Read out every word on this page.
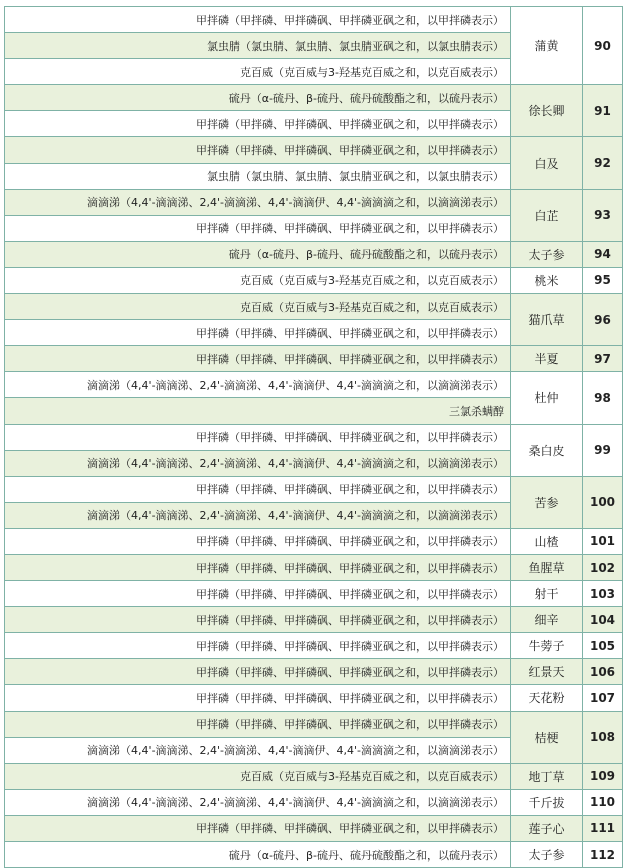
甲拌磷（甲拌磷、甲拌磷砜、甲拌磷亚砜之和，以甲拌磷表示）	蒲黄	90
氯虫腈（氯虫腈、氯虫腈、氯虫腈亚砜之和，以氯虫腈表示）		
克百威（克百威与3-羟基克百威之和，以克百威表示）		
硫丹（α-硫丹、β-硫丹、硫丹硫酸酯之和，以硫丹表示）	徐长卿	91
甲拌磷（甲拌磷、甲拌磷砜、甲拌磷亚砜之和，以甲拌磷表示）		
甲拌磷（甲拌磷、甲拌磷砜、甲拌磷亚砜之和，以甲拌磷表示）	白及	92
氯虫腈（氯虫腈、氯虫腈、氯虫腈亚砜之和，以氯虫腈表示）		
滴滴涕（4,4'-滴滴涕、2,4'-滴滴涕、4,4'-滴滴伊、4,4'-滴滴滴之和，以滴滴涕表示）	白芷	93
甲拌磷（甲拌磷、甲拌磷砜、甲拌磷亚砜之和，以甲拌磷表示）		
硫丹（α-硫丹、β-硫丹、硫丹硫酸酯之和，以硫丹表示）	太子参	94
克百威（克百威与3-羟基克百威之和，以克百威表示）	桃米	95
克百威（克百威与3-羟基克百威之和，以克百威表示）	猫爪草	96
甲拌磷（甲拌磷、甲拌磷砜、甲拌磷亚砜之和，以甲拌磷表示）		
甲拌磷（甲拌磷、甲拌磷砜、甲拌磷亚砜之和，以甲拌磷表示）	半夏	97
滴滴涕（4,4'-滴滴涕、2,4'-滴滴涕、4,4'-滴滴伊、4,4'-滴滴滴之和，以滴滴涕表示）	杜仲	98
三氯杀螨醇		
甲拌磷（甲拌磷、甲拌磷砜、甲拌磷亚砜之和，以甲拌磷表示）	桑白皮	99
滴滴涕（4,4'-滴滴涕、2,4'-滴滴涕、4,4'-滴滴伊、4,4'-滴滴滴之和，以滴滴涕表示）		
甲拌磷（甲拌磷、甲拌磷砜、甲拌磷亚砜之和，以甲拌磷表示）	苦参	100
滴滴涕（4,4'-滴滴涕、2,4'-滴滴涕、4,4'-滴滴伊、4,4'-滴滴滴之和，以滴滴涕表示）		
甲拌磷（甲拌磷、甲拌磷砜、甲拌磷亚砜之和，以甲拌磷表示）	山楂	101
甲拌磷（甲拌磷、甲拌磷砜、甲拌磷亚砜之和，以甲拌磷表示）	鱼腥草	102
甲拌磷（甲拌磷、甲拌磷砜、甲拌磷亚砜之和，以甲拌磷表示）	射干	103
甲拌磷（甲拌磷、甲拌磷砜、甲拌磷亚砜之和，以甲拌磷表示）	细辛	104
甲拌磷（甲拌磷、甲拌磷砜、甲拌磷亚砜之和，以甲拌磷表示）	牛蒡子	105
甲拌磷（甲拌磷、甲拌磷砜、甲拌磷亚砜之和，以甲拌磷表示）	红景天	106
甲拌磷（甲拌磷、甲拌磷砜、甲拌磷亚砜之和，以甲拌磷表示）	天花粉	107
甲拌磷（甲拌磷、甲拌磷砜、甲拌磷亚砜之和，以甲拌磷表示）	桔梗	108
滴滴涕（4,4'-滴滴涕、2,4'-滴滴涕、4,4'-滴滴伊、4,4'-滴滴滴之和，以滴滴涕表示）		
克百威（克百威与3-羟基克百威之和，以克百威表示）	地丁草	109
滴滴涕（4,4'-滴滴涕、2,4'-滴滴涕、4,4'-滴滴伊、4,4'-滴滴滴之和，以滴滴涕表示）	千斤拔	110
甲拌磷（甲拌磷、甲拌磷砜、甲拌磷亚砜之和，以甲拌磷表示）	莲子心	111
硫丹（α-硫丹、β-硫丹、硫丹硫酸酯之和，以硫丹表示）	太子参	112
